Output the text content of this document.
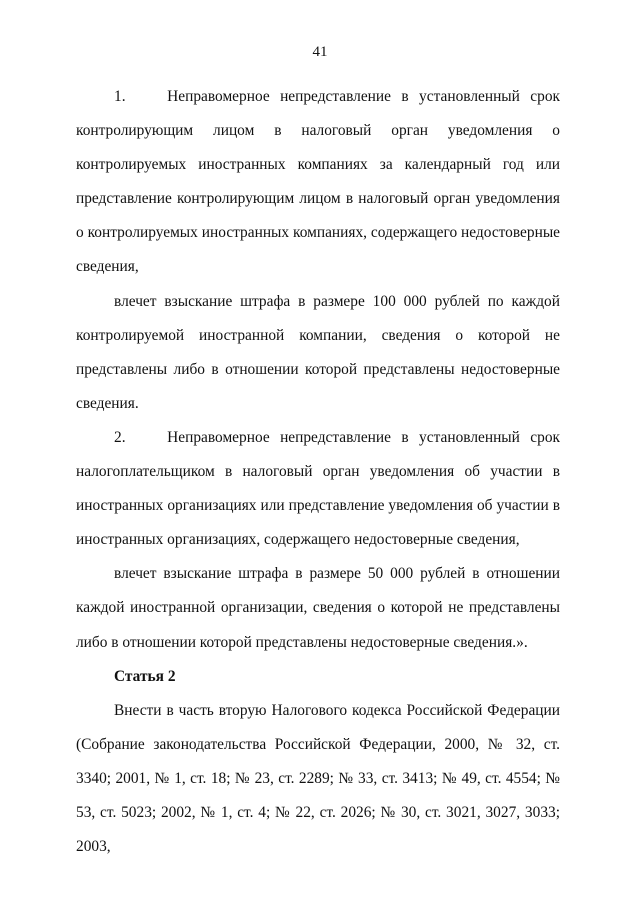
41

1.    Неправомерное непредставление в установленный срок контролирующим лицом в налоговый орган уведомления о контролируемых иностранных компаниях за календарный год или представление контролирующим лицом в налоговый орган уведомления о контролируемых иностранных компаниях, содержащего недостоверные сведения,

влечет взыскание штрафа в размере 100 000 рублей по каждой контролируемой иностранной компании, сведения о которой не представлены либо в отношении которой представлены недостоверные сведения.

2.    Неправомерное непредставление в установленный срок налогоплательщиком в налоговый орган уведомления об участии в иностранных организациях или представление уведомления об участии в иностранных организациях, содержащего недостоверные сведения,

влечет взыскание штрафа в размере 50 000 рублей в отношении каждой иностранной организации, сведения о которой не представлены либо в отношении которой представлены недостоверные сведения.».

Статья 2

Внести в часть вторую Налогового кодекса Российской Федерации (Собрание законодательства Российской Федерации, 2000, № 32, ст. 3340; 2001, № 1, ст. 18; № 23, ст. 2289; № 33, ст. 3413; № 49, ст. 4554; № 53, ст. 5023; 2002, № 1, ст. 4; № 22, ст. 2026; № 30, ст. 3021, 3027, 3033; 2003,
